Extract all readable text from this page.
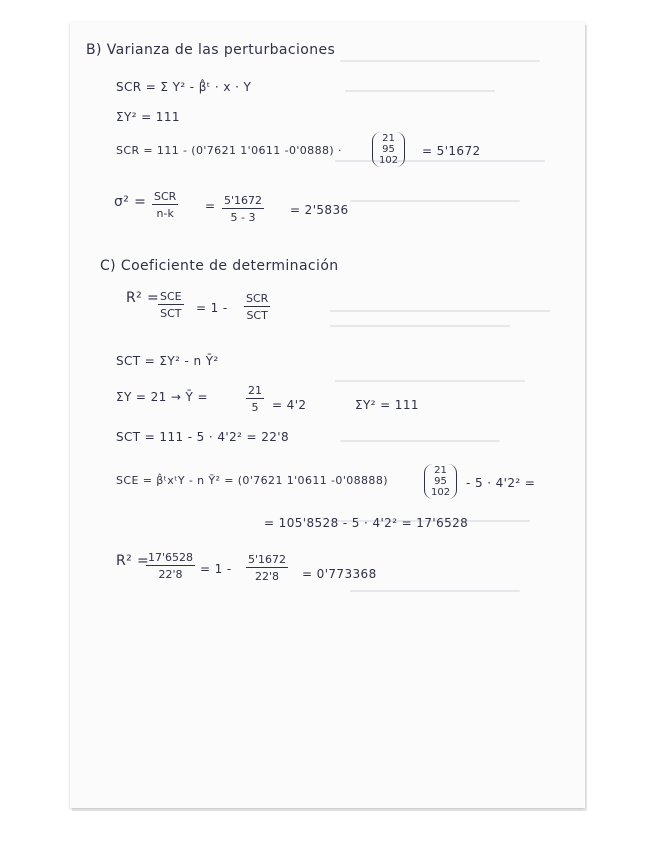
B) Varianza de las perturbaciones
SCR = Σ Y² - β̂ᵗ · x · Y
ΣY² = 111
SCR = 111 - (0'7621 1'0611 -0'0888) ·
21
95
102
= 5'1672
σ² = SCR
n-k
= $\frac{5'1672}{5 - 3} = 2'5836$
C) Coeficiente de determinación
R² = SCE
SCT = 1 -
SCR
SCT
SCT = ΣY² - n Ȳ²
ΣY = 21 → Ȳ =	$\frac{21}{5} = 4'2$	ΣY² = 111
SCT = 111 - 5 · 4'2² = 22'8
SCE = β̂ᵗxᵗY - n Ȳ² = (0'7621 1'0611 -0'08888)
21
95
102
- 5 · 4'2² =
= 105'8528 - 5 · 4'2² = 17'6528
R² =
$\frac{17'6528}{22'8} = 1 - \frac{5'1672}{22'8} = 0'773368$
